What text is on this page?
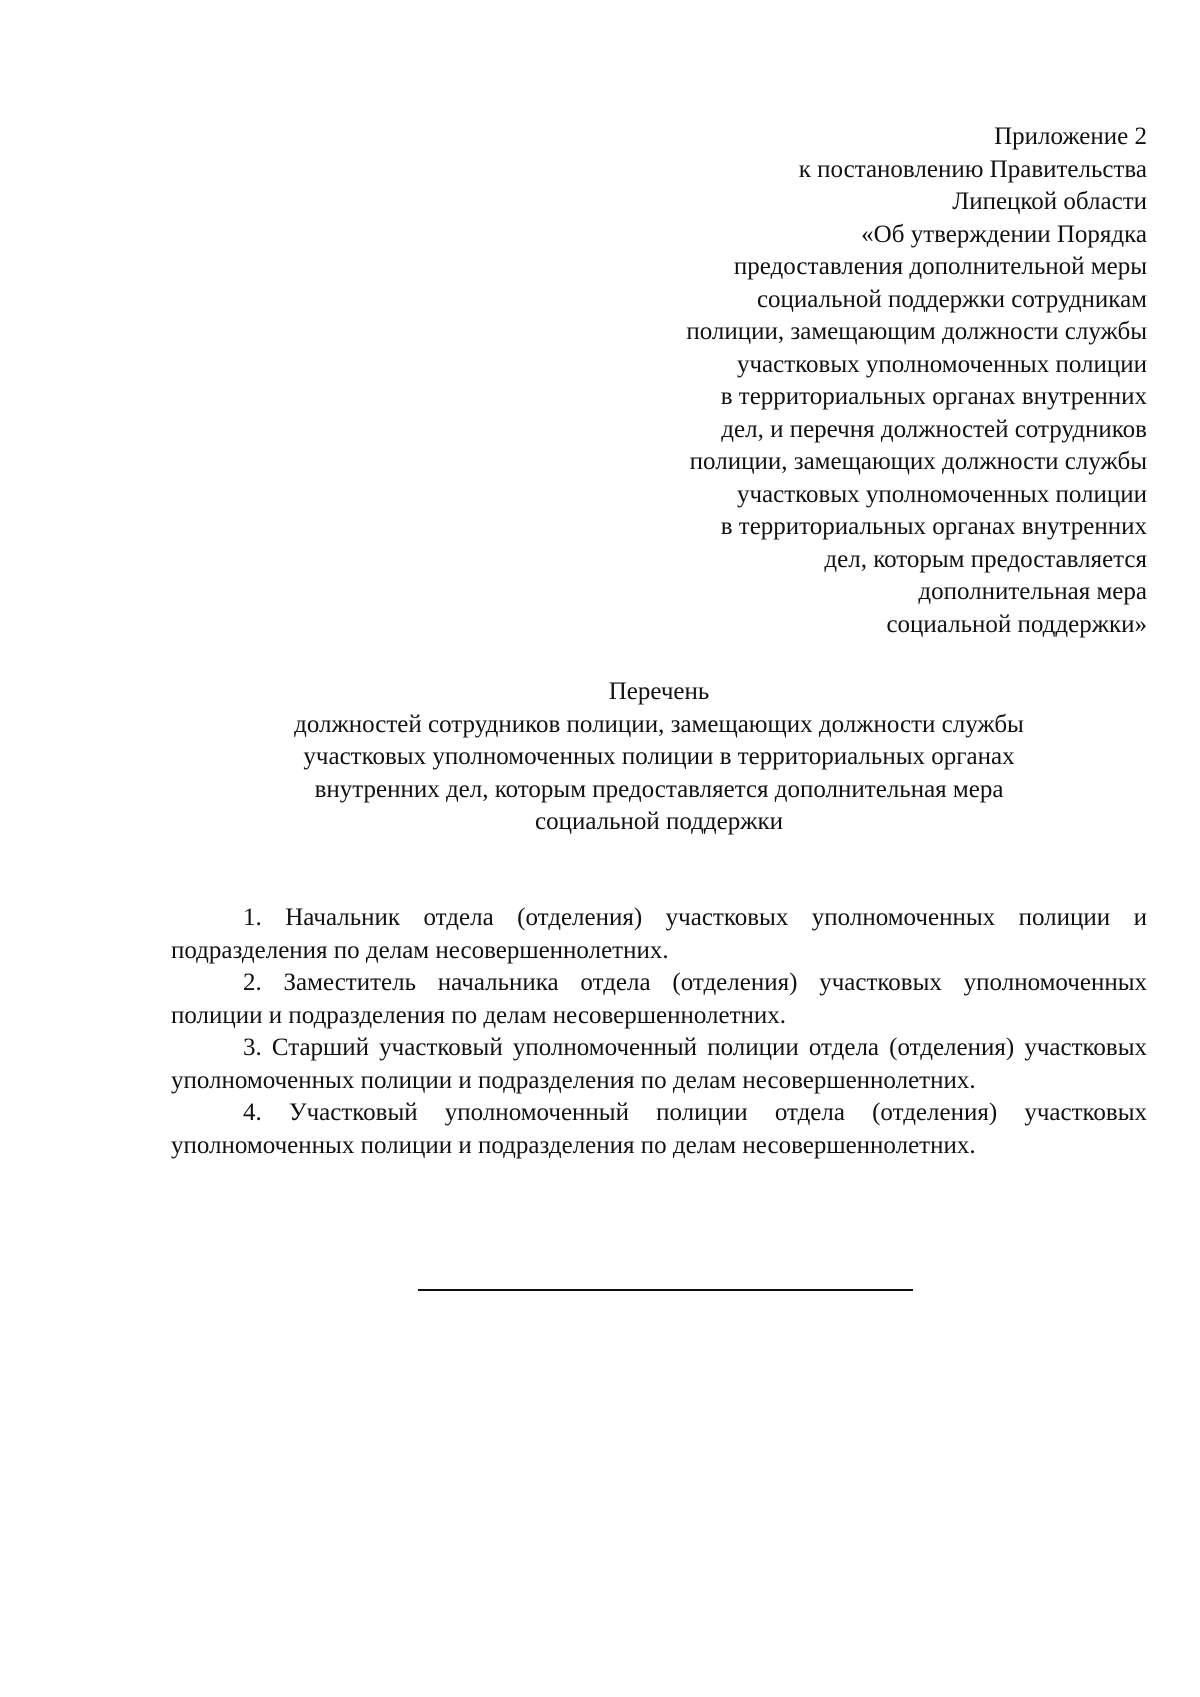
Приложение 2
к постановлению Правительства
Липецкой области
«Об утверждении Порядка
предоставления дополнительной меры
социальной поддержки сотрудникам
полиции, замещающим должности службы
участковых уполномоченных полиции
в территориальных органах внутренних
дел, и перечня должностей сотрудников
полиции, замещающих должности службы
участковых уполномоченных полиции
в территориальных органах внутренних
дел, которым предоставляется
дополнительная мера
социальной поддержки»
Перечень
должностей сотрудников полиции, замещающих должности службы
участковых уполномоченных полиции в территориальных органах
внутренних дел, которым предоставляется дополнительная мера
социальной поддержки

1. Начальник отдела (отделения) участковых уполномоченных полиции и подразделения по делам несовершеннолетних.

2. Заместитель начальника отдела (отделения) участковых уполномоченных полиции и подразделения по делам несовершеннолетних.

3. Старший участковый уполномоченный полиции отдела (отделения) участковых уполномоченных полиции и подразделения по делам несовершеннолетних.

4. Участковый уполномоченный полиции отдела (отделения) участковых уполномоченных полиции и подразделения по делам несовершеннолетних.
